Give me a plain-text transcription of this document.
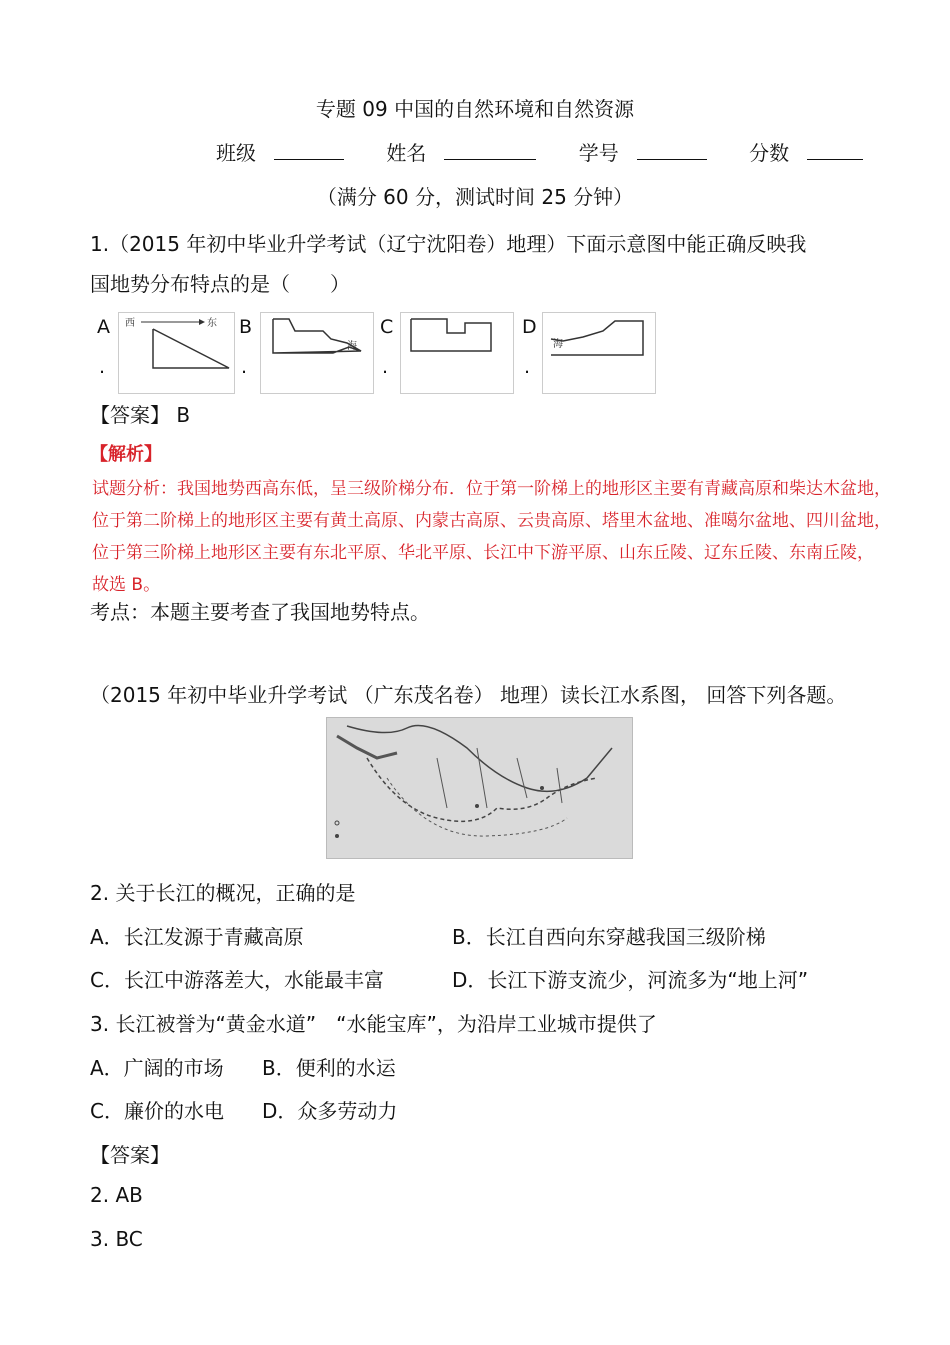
专题 09 中国的自然环境和自然资源
班级	姓名	学号	分数
（满分 60 分，测试时间 25 分钟）
1.（2015 年初中毕业升学考试（辽宁沈阳卷）地理）下面示意图中能正确反映我
国地势分布特点的是（　　）
A
.
西	东 B
.
海
C
.
D
.
海
【答案】 B
【解析】
试题分析：我国地势西高东低，呈三级阶梯分布．位于第一阶梯上的地形区主要有青藏高原和柴达木盆地，
位于第二阶梯上的地形区主要有黄土高原、内蒙古高原、云贵高原、塔里木盆地、准噶尔盆地、四川盆地，
位于第三阶梯上地形区主要有东北平原、华北平原、长江中下游平原、山东丘陵、辽东丘陵、东南丘陵，
故选 B。
考点：本题主要考查了我国地势特点。
（2015 年初中毕业升学考试 （广东茂名卷） 地理）读长江水系图， 回答下列各题。
2. 关于长江的概况，正确的是
A．长江发源于青藏高原	B．长江自西向东穿越我国三级阶梯
C．长江中游落差大，水能最丰富	D．长江下游支流少，河流多为“地上河”
3. 长江被誉为“黄金水道”　“水能宝库”，为沿岸工业城市提供了
A．广阔的市场 B．便利的水运
C．廉价的水电 D．众多劳动力
【答案】
2. AB
3. BC
